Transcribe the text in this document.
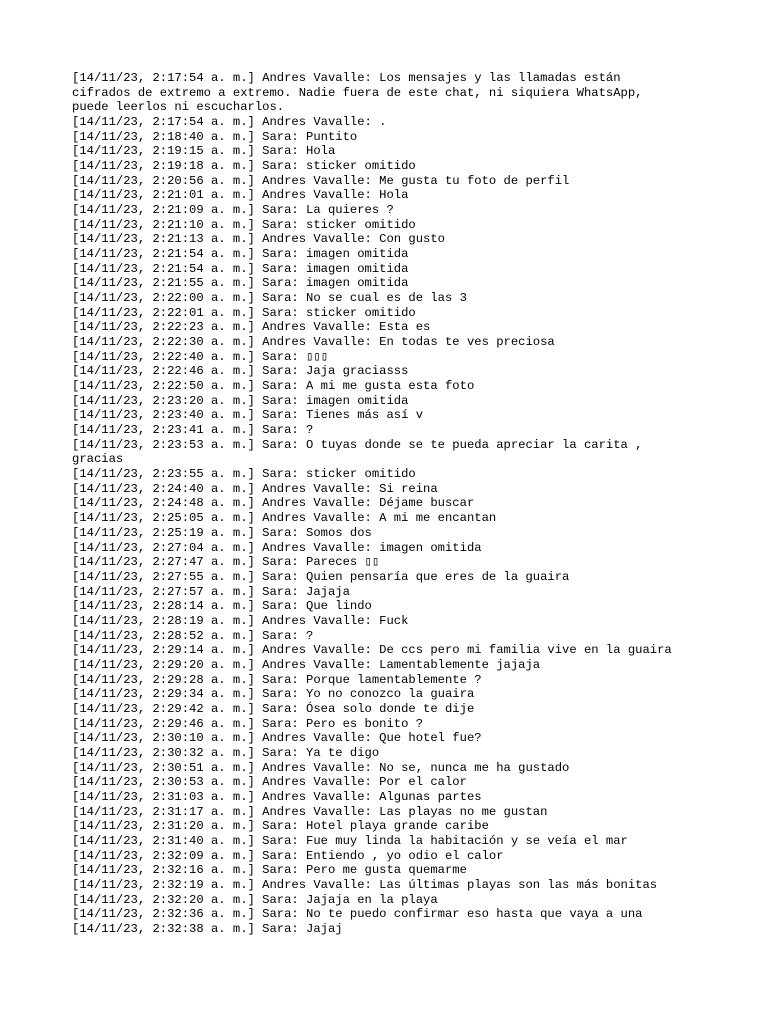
[14/11/23, 2:17:54 a. m.] Andres Vavalle: Los mensajes y las llamadas están
cifrados de extremo a extremo. Nadie fuera de este chat, ni siquiera WhatsApp,
puede leerlos ni escucharlos.
[14/11/23, 2:17:54 a. m.] Andres Vavalle: .
[14/11/23, 2:18:40 a. m.] Sara: Puntito
[14/11/23, 2:19:15 a. m.] Sara: Hola
[14/11/23, 2:19:18 a. m.] Sara: sticker omitido
[14/11/23, 2:20:56 a. m.] Andres Vavalle: Me gusta tu foto de perfil
[14/11/23, 2:21:01 a. m.] Andres Vavalle: Hola
[14/11/23, 2:21:09 a. m.] Sara: La quieres ?
[14/11/23, 2:21:10 a. m.] Sara: sticker omitido
[14/11/23, 2:21:13 a. m.] Andres Vavalle: Con gusto
[14/11/23, 2:21:54 a. m.] Sara: imagen omitida
[14/11/23, 2:21:54 a. m.] Sara: imagen omitida
[14/11/23, 2:21:55 a. m.] Sara: imagen omitida
[14/11/23, 2:22:00 a. m.] Sara: No se cual es de las 3
[14/11/23, 2:22:01 a. m.] Sara: sticker omitido
[14/11/23, 2:22:23 a. m.] Andres Vavalle: Esta es
[14/11/23, 2:22:30 a. m.] Andres Vavalle: En todas te ves preciosa
[14/11/23, 2:22:40 a. m.] Sara: ▯▯▯
[14/11/23, 2:22:46 a. m.] Sara: Jaja graciasss
[14/11/23, 2:22:50 a. m.] Sara: A mi me gusta esta foto
[14/11/23, 2:23:20 a. m.] Sara: imagen omitida
[14/11/23, 2:23:40 a. m.] Sara: Tienes más así v
[14/11/23, 2:23:41 a. m.] Sara: ?
[14/11/23, 2:23:53 a. m.] Sara: O tuyas donde se te pueda apreciar la carita ,
gracias
[14/11/23, 2:23:55 a. m.] Sara: sticker omitido
[14/11/23, 2:24:40 a. m.] Andres Vavalle: Si reina
[14/11/23, 2:24:48 a. m.] Andres Vavalle: Déjame buscar
[14/11/23, 2:25:05 a. m.] Andres Vavalle: A mi me encantan
[14/11/23, 2:25:19 a. m.] Sara: Somos dos
[14/11/23, 2:27:04 a. m.] Andres Vavalle: imagen omitida
[14/11/23, 2:27:47 a. m.] Sara: Pareces ▯▯
[14/11/23, 2:27:55 a. m.] Sara: Quien pensaría que eres de la guaira
[14/11/23, 2:27:57 a. m.] Sara: Jajaja
[14/11/23, 2:28:14 a. m.] Sara: Que lindo
[14/11/23, 2:28:19 a. m.] Andres Vavalle: Fuck
[14/11/23, 2:28:52 a. m.] Sara: ?
[14/11/23, 2:29:14 a. m.] Andres Vavalle: De ccs pero mi familia vive en la guaira
[14/11/23, 2:29:20 a. m.] Andres Vavalle: Lamentablemente jajaja
[14/11/23, 2:29:28 a. m.] Sara: Porque lamentablemente ?
[14/11/23, 2:29:34 a. m.] Sara: Yo no conozco la guaira
[14/11/23, 2:29:42 a. m.] Sara: Ósea solo donde te dije
[14/11/23, 2:29:46 a. m.] Sara: Pero es bonito ?
[14/11/23, 2:30:10 a. m.] Andres Vavalle: Que hotel fue?
[14/11/23, 2:30:32 a. m.] Sara: Ya te digo
[14/11/23, 2:30:51 a. m.] Andres Vavalle: No se, nunca me ha gustado
[14/11/23, 2:30:53 a. m.] Andres Vavalle: Por el calor
[14/11/23, 2:31:03 a. m.] Andres Vavalle: Algunas partes
[14/11/23, 2:31:17 a. m.] Andres Vavalle: Las playas no me gustan
[14/11/23, 2:31:20 a. m.] Sara: Hotel playa grande caribe
[14/11/23, 2:31:40 a. m.] Sara: Fue muy linda la habitación y se veía el mar
[14/11/23, 2:32:09 a. m.] Sara: Entiendo , yo odio el calor
[14/11/23, 2:32:16 a. m.] Sara: Pero me gusta quemarme
[14/11/23, 2:32:19 a. m.] Andres Vavalle: Las últimas playas son las más bonitas
[14/11/23, 2:32:20 a. m.] Sara: Jajaja en la playa
[14/11/23, 2:32:36 a. m.] Sara: No te puedo confirmar eso hasta que vaya a una
[14/11/23, 2:32:38 a. m.] Sara: Jajaj
